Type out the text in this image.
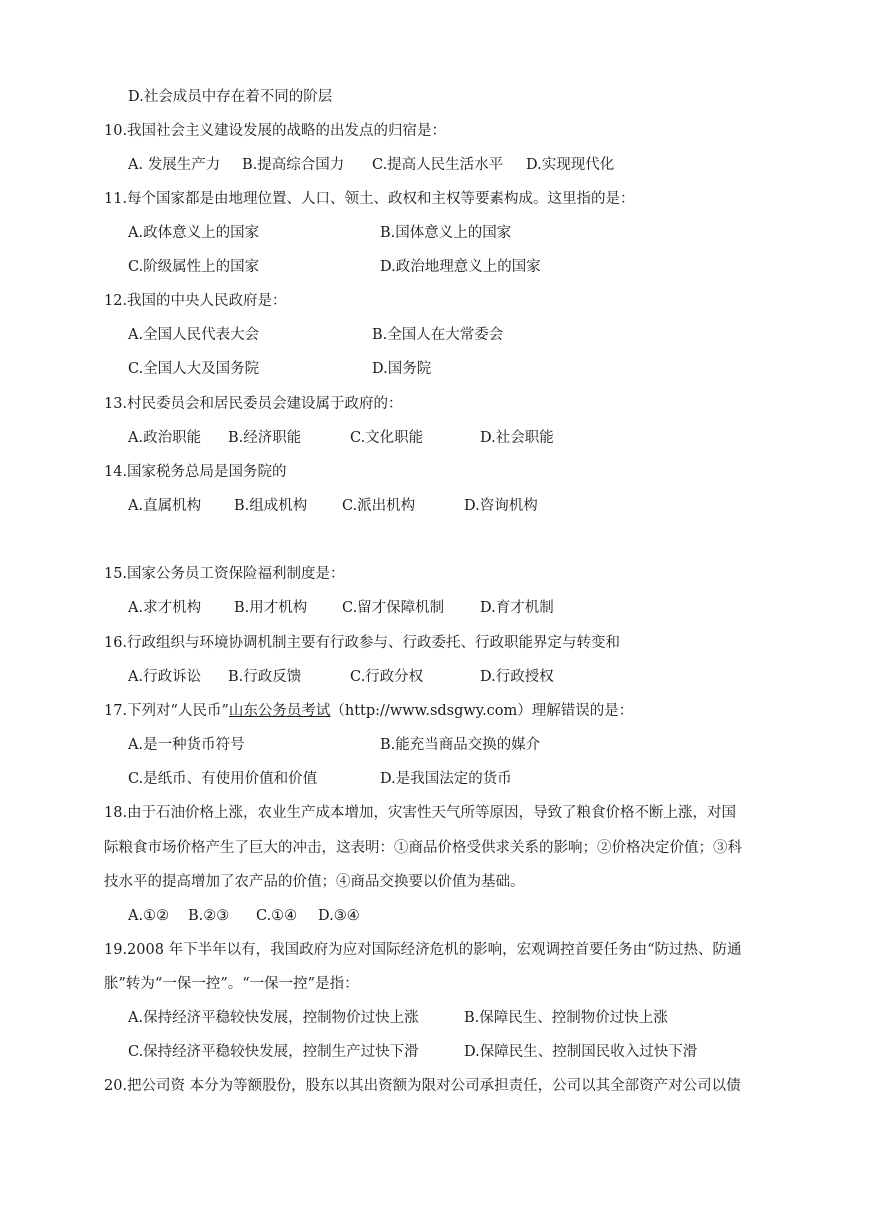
D.社会成员中存在着不同的阶层
10.我国社会主义建设发展的战略的出发点的归宿是：
A. 发展生产力 B.提高综合国力 C.提高人民生活水平 D.实现现代化
11.每个国家都是由地理位置、人口、领土、政权和主权等要素构成。这里指的是：
A.政体意义上的国家	B.国体意义上的国家
C.阶级属性上的国家	D.政治地理意义上的国家
12.我国的中央人民政府是：
A.全国人民代表大会	B.全国人在大常委会
C.全国人大及国务院	D.国务院
13.村民委员会和居民委员会建设属于政府的：
A.政治职能 B.经济职能	C.文化职能	D.社会职能
14.国家税务总局是国务院的
A.直属机构 B.组成机构 C.派出机构	D.咨询机构
15.国家公务员工资保险福利制度是：
A.求才机构 B.用才机构 C.留才保障机制 D.育才机制
16.行政组织与环境协调机制主要有行政参与、行政委托、行政职能界定与转变和
A.行政诉讼 B.行政反馈	C.行政分权	D.行政授权
17.下列对“人民币”山东公务员考试（http://www.sdsgwy.com）理解错误的是：
A.是一种货币符号	B.能充当商品交换的媒介
C.是纸币、有使用价值和价值	D.是我国法定的货币
18.由于石油价格上涨，农业生产成本增加，灾害性天气所等原因，导致了粮食价格不断上涨，对国
际粮食市场价格产生了巨大的冲击，这表明：①商品价格受供求关系的影响；②价格决定价值；③科
技水平的提高增加了农产品的价值；④商品交换要以价值为基础。
A.①② B.②③ C.①④ D.③④
19.2008 年下半年以有，我国政府为应对国际经济危机的影响，宏观调控首要任务由“防过热、防通
胀”转为“一保一控”。“一保一控”是指：
A.保持经济平稳较快发展，控制物价过快上涨	B.保障民生、控制物价过快上涨
C.保持经济平稳较快发展，控制生产过快下滑	D.保障民生、控制国民收入过快下滑
20.把公司资 本分为等额股份，股东以其出资额为限对公司承担责任，公司以其全部资产对公司以债
